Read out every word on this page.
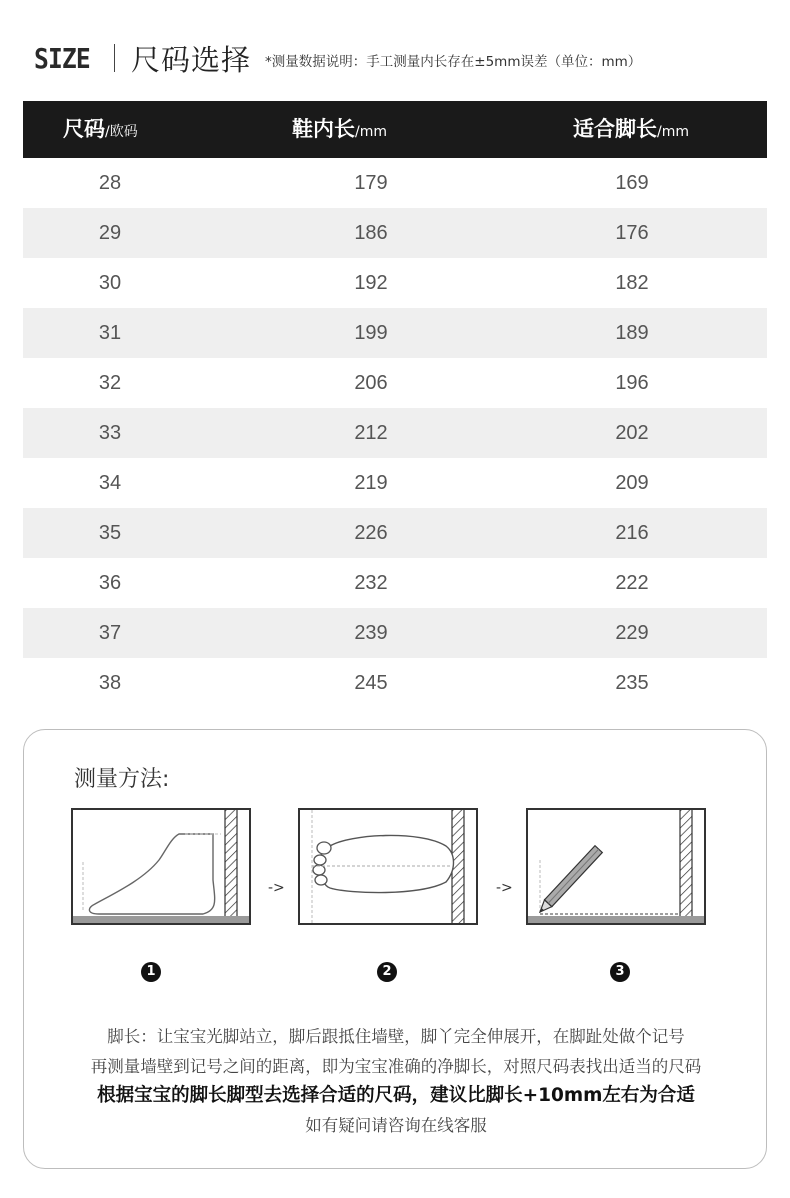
SIZE 尺码选择 *测量数据说明：手工测量内长存在±5mm误差（单位：mm）
尺码/欧码	鞋内长/mm	适合脚长/mm
28	179	169
29	186	176
30	192	182
31	199	189
32	206	196
33	212	202
34	219	209
35	226	216
36	232	222
37	239	229
38	245	235
测量方法:
->	->
1	2	3
脚长：让宝宝光脚站立，脚后跟抵住墙壁，脚丫完全伸展开，在脚趾处做个记号
再测量墙壁到记号之间的距离，即为宝宝准确的净脚长，对照尺码表找出适当的尺码
根据宝宝的脚长脚型去选择合适的尺码，建议比脚长+10mm左右为合适
如有疑问请咨询在线客服
